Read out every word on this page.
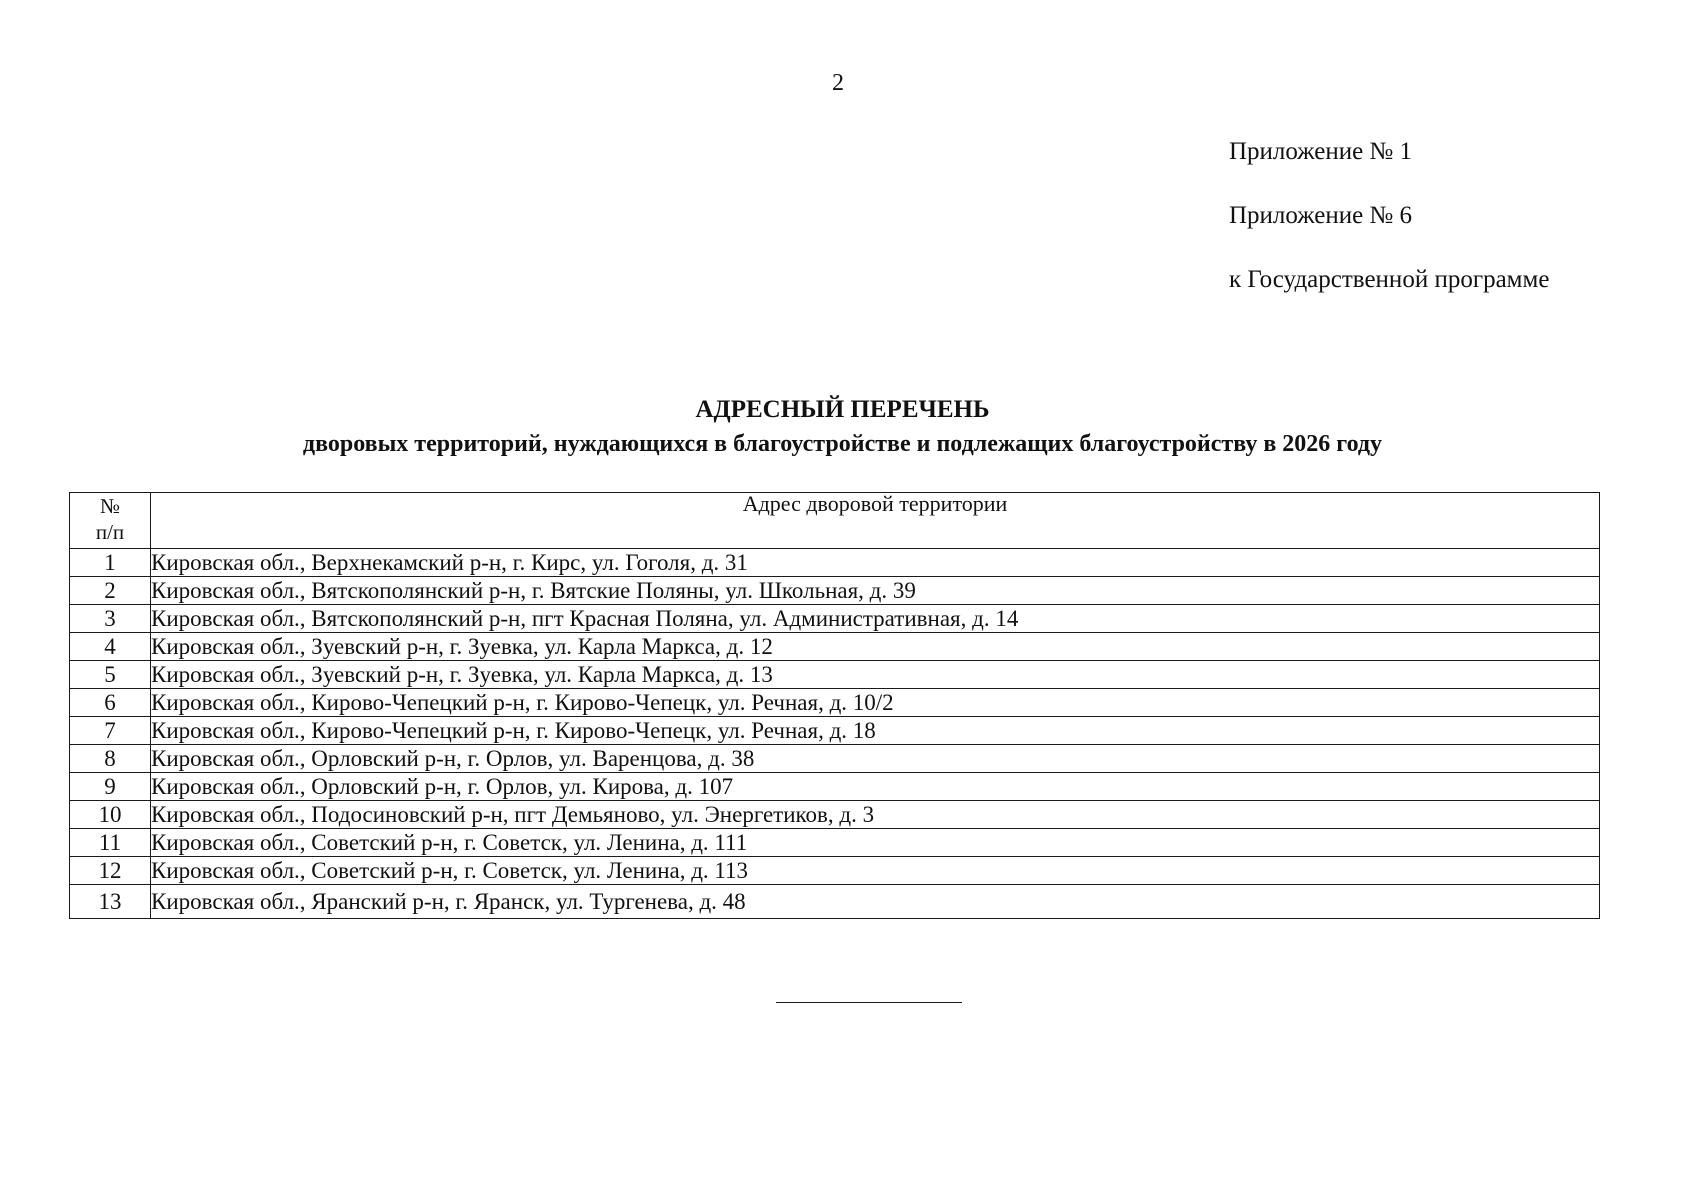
2
Приложение № 1
Приложение № 6
к Государственной программе
АДРЕСНЫЙ ПЕРЕЧЕНЬ
дворовых территорий, нуждающихся в благоустройстве и подлежащих благоустройству в 2026 году
№
п/п	Адрес дворовой территории
1	Кировская обл., Верхнекамский р-н, г. Кирс, ул. Гоголя, д. 31
2	Кировская обл., Вятскополянский р-н, г. Вятские Поляны, ул. Школьная, д. 39
3	Кировская обл., Вятскополянский р-н, пгт Красная Поляна, ул. Административная, д. 14
4	Кировская обл., Зуевский р-н, г. Зуевка, ул. Карла Маркса, д. 12
5	Кировская обл., Зуевский р-н, г. Зуевка, ул. Карла Маркса, д. 13
6	Кировская обл., Кирово-Чепецкий р-н, г. Кирово-Чепецк, ул. Речная, д. 10/2
7	Кировская обл., Кирово-Чепецкий р-н, г. Кирово-Чепецк, ул. Речная, д. 18
8	Кировская обл., Орловский р-н, г. Орлов, ул. Варенцова, д. 38
9	Кировская обл., Орловский р-н, г. Орлов, ул. Кирова, д. 107
10	Кировская обл., Подосиновский р-н, пгт Демьяново, ул. Энергетиков, д. 3
11	Кировская обл., Советский р-н, г. Советск, ул. Ленина, д. 111
12	Кировская обл., Советский р-н, г. Советск, ул. Ленина, д. 113
13	Кировская обл., Яранский р-н, г. Яранск, ул. Тургенева, д. 48
